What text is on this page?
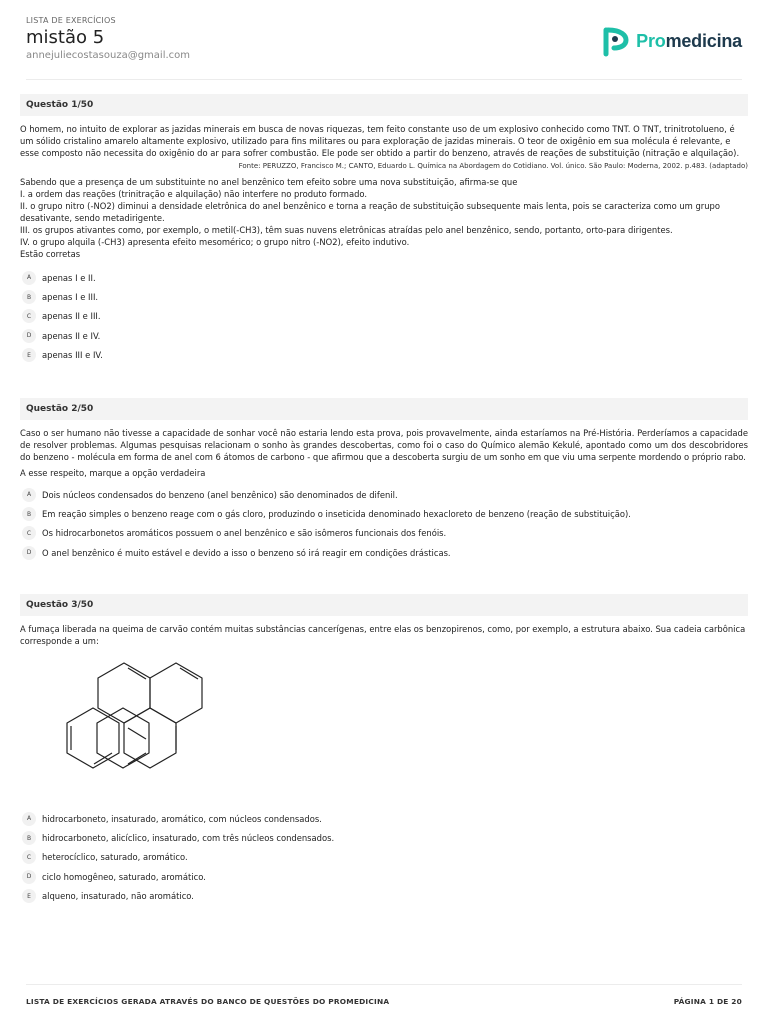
LISTA DE EXERCÍCIOS
mistão 5
annejuliecostasouza@gmail.com
Promedicina
Questão 1/50
O homem, no intuito de explorar as jazidas minerais em busca de novas riquezas, tem feito constante uso de um explosivo conhecido como TNT. O TNT, trinitrotolueno, é um sólido cristalino amarelo altamente explosivo, utilizado para fins militares ou para exploração de jazidas minerais. O teor de oxigênio em sua molécula é relevante, e esse composto não necessita do oxigênio do ar para sofrer combustão. Ele pode ser obtido a partir do benzeno, através de reações de substituição (nitração e alquilação).
Fonte: PERUZZO, Francisco M.; CANTO, Eduardo L. Química na Abordagem do Cotidiano. Vol. único. São Paulo: Moderna, 2002. p.483. (adaptado)
Sabendo que a presença de um substituinte no anel benzênico tem efeito sobre uma nova substituição, afirma-se que
I. a ordem das reações (trinitração e alquilação) não interfere no produto formado.
II. o grupo nitro (-NO2) diminui a densidade eletrônica do anel benzênico e torna a reação de substituição subsequente mais lenta, pois se caracteriza como um grupo desativante, sendo metadirigente.
III. os grupos ativantes como, por exemplo, o metil(-CH3), têm suas nuvens eletrônicas atraídas pelo anel benzênico, sendo, portanto, orto-para dirigentes.
IV. o grupo alquila (-CH3) apresenta efeito mesomérico; o grupo nitro (-NO2), efeito indutivo.
Estão corretas
A	apenas I e II.
B	apenas I e III.
C	apenas II e III.
D	apenas II e IV.
E	apenas III e IV.
Questão 2/50
Caso o ser humano não tivesse a capacidade de sonhar você não estaria lendo esta prova, pois provavelmente, ainda estaríamos na Pré-História. Perderíamos a capacidade de resolver problemas. Algumas pesquisas relacionam o sonho às grandes descobertas, como foi o caso do Químico alemão Kekulé, apontado como um dos descobridores do benzeno - molécula em forma de anel com 6 átomos de carbono - que afirmou que a descoberta surgiu de um sonho em que viu uma serpente mordendo o próprio rabo.
A esse respeito, marque a opção verdadeira
A	Dois núcleos condensados do benzeno (anel benzênico) são denominados de difenil.
B	Em reação simples o benzeno reage com o gás cloro, produzindo o inseticida denominado hexacloreto de benzeno (reação de substituição).
C	Os hidrocarbonetos aromáticos possuem o anel benzênico e são isômeros funcionais dos fenóis.
D	O anel benzênico é muito estável e devido a isso o benzeno só irá reagir em condições drásticas.
Questão 3/50
A fumaça liberada na queima de carvão contém muitas substâncias cancerígenas, entre elas os benzopirenos, como, por exemplo, a estrutura abaixo. Sua cadeia carbônica corresponde a um:
A	hidrocarboneto, insaturado, aromático, com núcleos condensados.
B	hidrocarboneto, alicíclico, insaturado, com três núcleos condensados.
C	heterocíclico, saturado, aromático.
D	ciclo homogêneo, saturado, aromático.
E	alqueno, insaturado, não aromático.
LISTA DE EXERCÍCIOS GERADA ATRAVÉS DO BANCO DE QUESTÕES DO PROMEDICINA	PÁGINA 1 DE 20
